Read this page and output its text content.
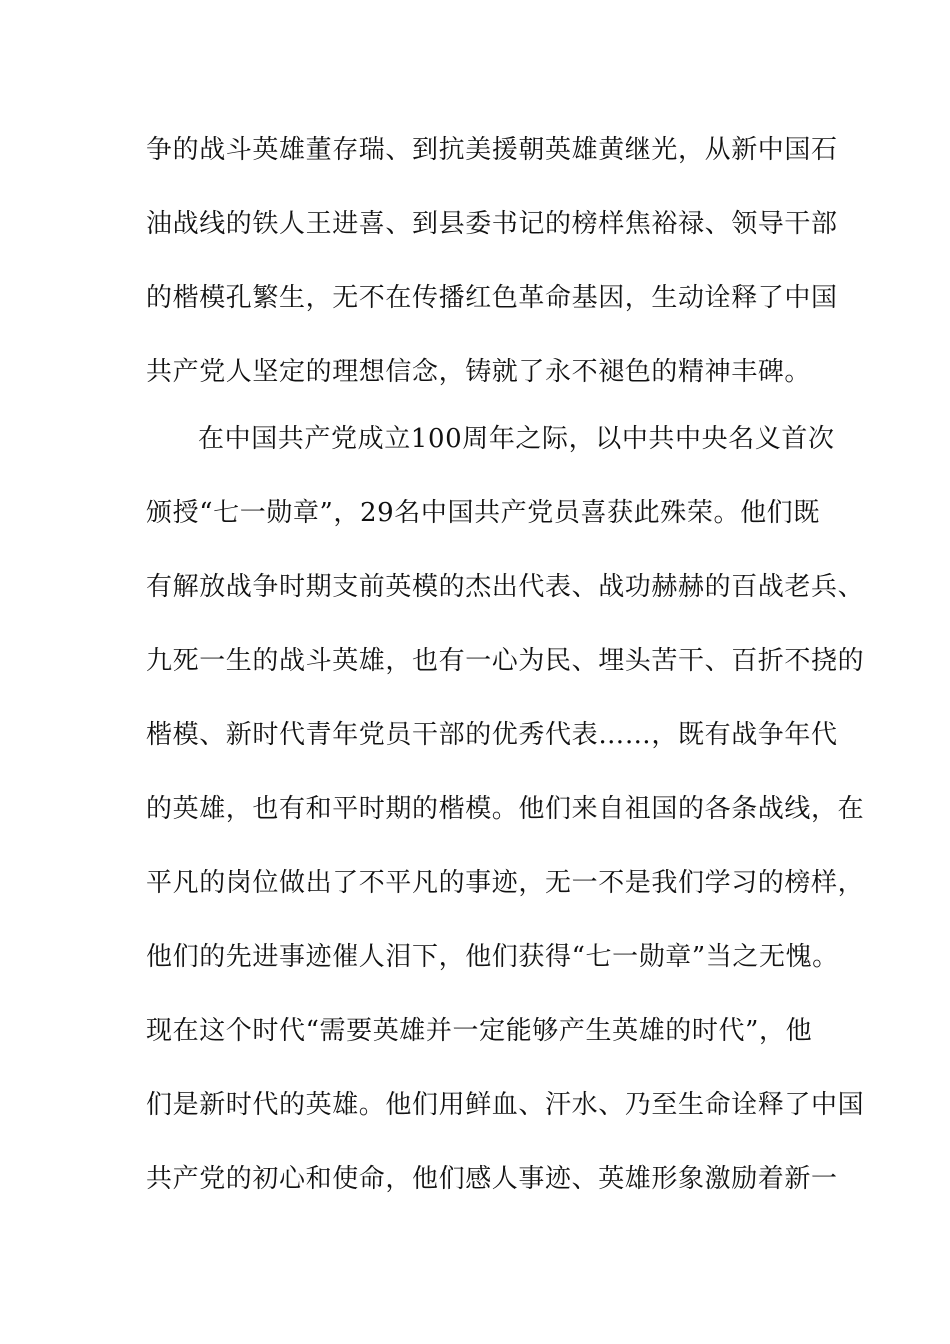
争的战斗英雄董存瑞、到抗美援朝英雄黄继光，从新中国石
油战线的铁人王进喜、到县委书记的榜样焦裕禄、领导干部
的楷模孔繁生，无不在传播红色革命基因，生动诠释了中国
共产党人坚定的理想信念，铸就了永不褪色的精神丰碑。
在中国共产党成立100周年之际，以中共中央名义首次
颁授“七一勋章”，29名中国共产党员喜获此殊荣。他们既
有解放战争时期支前英模的杰出代表、战功赫赫的百战老兵、
九死一生的战斗英雄，也有一心为民、埋头苦干、百折不挠的
楷模、新时代青年党员干部的优秀代表……，既有战争年代
的英雄，也有和平时期的楷模。他们来自祖国的各条战线，在
平凡的岗位做出了不平凡的事迹，无一不是我们学习的榜样，
他们的先进事迹催人泪下，他们获得“七一勋章”当之无愧。
现在这个时代“需要英雄并一定能够产生英雄的时代”，他
们是新时代的英雄。他们用鲜血、汗水、乃至生命诠释了中国
共产党的初心和使命，他们感人事迹、英雄形象激励着新一
